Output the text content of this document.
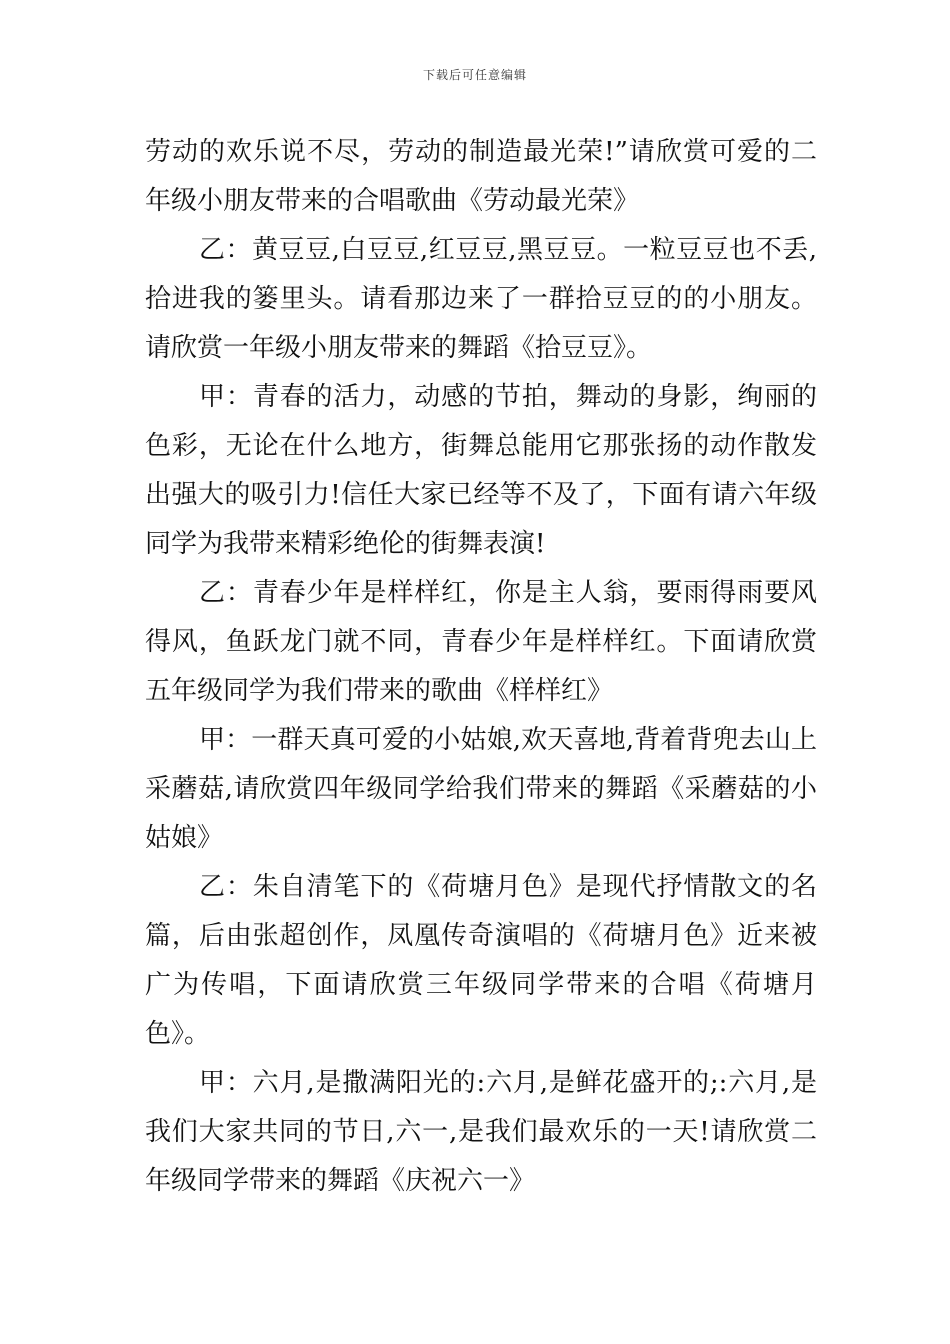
下载后可任意编辑

劳动的欢乐说不尽，劳动的制造最光荣!”请欣赏可爱的二年级小朋友带来的合唱歌曲《劳动最光荣》

乙：黄豆豆,白豆豆,红豆豆,黑豆豆。一粒豆豆也不丢,拾进我的篓里头。请看那边来了一群拾豆豆的的小朋友。请欣赏一年级小朋友带来的舞蹈《拾豆豆》。

甲：青春的活力，动感的节拍，舞动的身影，绚丽的色彩，无论在什么地方，街舞总能用它那张扬的动作散发出强大的吸引力!信任大家已经等不及了，下面有请六年级同学为我带来精彩绝伦的街舞表演!

乙：青春少年是样样红，你是主人翁，要雨得雨要风得风，鱼跃龙门就不同，青春少年是样样红。下面请欣赏五年级同学为我们带来的歌曲《样样红》

甲：一群天真可爱的小姑娘,欢天喜地,背着背兜去山上采蘑菇,请欣赏四年级同学给我们带来的舞蹈《采蘑菇的小姑娘》

乙：朱自清笔下的《荷塘月色》是现代抒情散文的名篇，后由张超创作，凤凰传奇演唱的《荷塘月色》近来被广为传唱，下面请欣赏三年级同学带来的合唱《荷塘月色》。

甲：六月,是撒满阳光的:六月,是鲜花盛开的;:六月,是我们大家共同的节日,六一,是我们最欢乐的一天!请欣赏二年级同学带来的舞蹈《庆祝六一》
